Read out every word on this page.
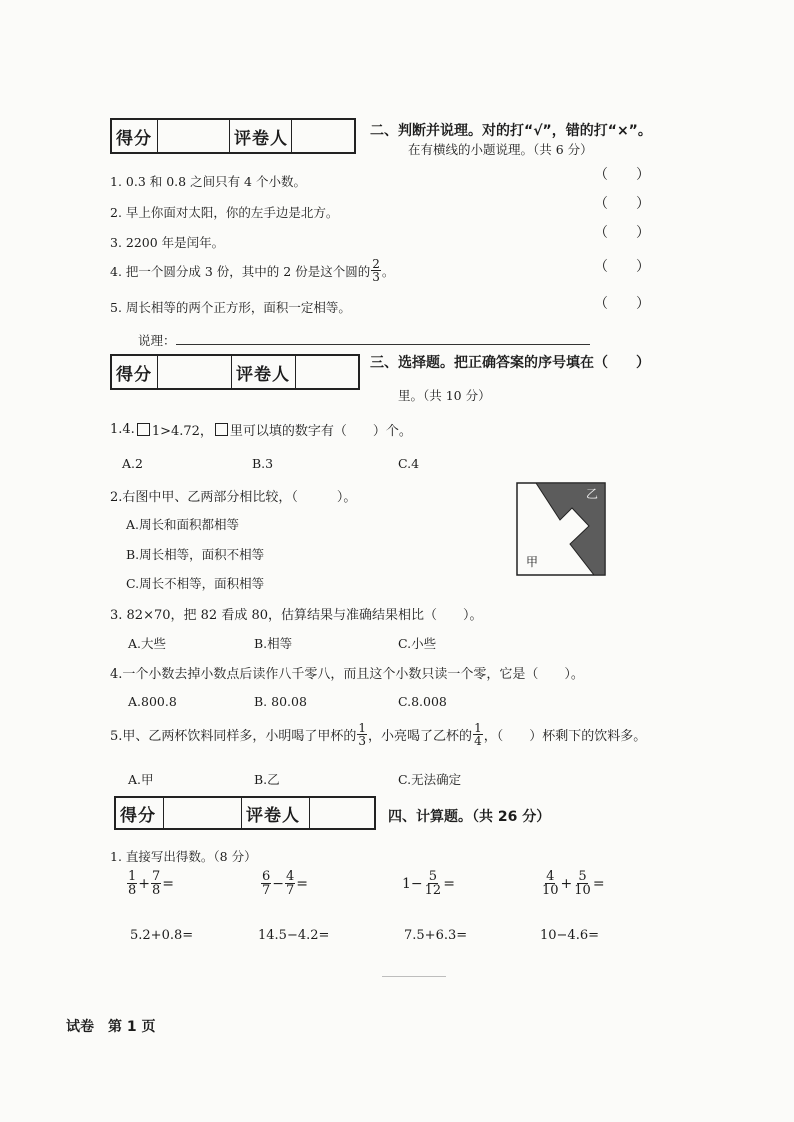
得分	评卷人	二、判断并说理。对的打“√”，错的打“×”。
在有横线的小题说理。（共 6 分）
1. 0.3 和 0.8 之间只有 4 个小数。
2. 早上你面对太阳，你的左手边是北方。
3. 2200 年是闰年。
4. 把一个圆分成 3 份，其中的 2 份是这个圆的 $\frac{2}{3}$ 。
5. 周长相等的两个正方形，面积一定相等。
（　　）
（　　）
（　　）
（　　）
（　　）
说理：
得分	评卷人
三、选择题。把正确答案的序号填在（　　）
里。（共 10 分）
1.4. 1>4.72， 里可以填的数字有（　　）个。
A.2	B.3	C.4
2.右图中甲、乙两部分相比较，（　　　）。
A.周长和面积都相等
B.周长相等，面积不相等
C.周长不相等，面积相等
乙
甲
3. 82×70，把 82 看成 80，估算结果与准确结果相比（　　）。
A.大些	B.相等	C.小些
4.一个小数去掉小数点后读作八千零八，而且这个小数只读一个零，它是（　　）。
A.800.8	B. 80.08	C.8.008
5.甲、乙两杯饮料同样多，小明喝了甲杯的 $\frac{1}{3}$ ，小亮喝了乙杯的 $\frac{1}{4}$ ，（　　）杯剩下的饮料多。
A.甲	B.乙	C.无法确定
得分	评卷人	四、计算题。（共 26 分）
1. 直接写出得数。（8 分）
$\frac{1}{8} + \frac{7}{8}$ =	$\frac{6}{7} - \frac{4}{7}$ =	$1 - \frac{5}{12}$ =	$\frac{4}{10} + \frac{5}{10}$ =
5.2+0.8=	14.5−4.2=	7.5+6.3=	10−4.6=
试卷　第 1 页
